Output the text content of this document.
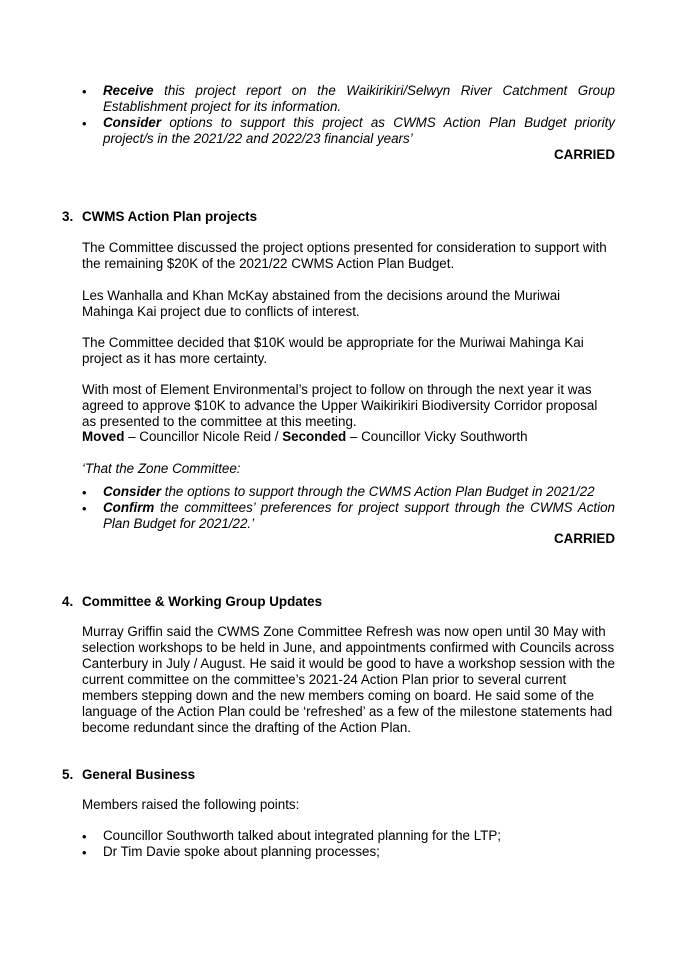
•	Receive this project report on the Waikirikiri/Selwyn River Catchment Group Establishment project for its information.
•	Consider options to support this project as CWMS Action Plan Budget priority project/s in the 2021/22 and 2022/23 financial years’
CARRIED
3. CWMS Action Plan projects

The Committee discussed the project options presented for consideration to support with the remaining $20K of the 2021/22 CWMS Action Plan Budget.

Les Wanhalla and Khan McKay abstained from the decisions around the Muriwai Mahinga Kai project due to conflicts of interest.

The Committee decided that $10K would be appropriate for the Muriwai Mahinga Kai project as it has more certainty.

With most of Element Environmental’s project to follow on through the next year it was agreed to approve $10K to advance the Upper Waikirikiri Biodiversity Corridor proposal as presented to the committee at this meeting.

Moved – Councillor Nicole Reid / Seconded – Councillor Vicky Southworth

‘That the Zone Committee:

•	Consider the options to support through the CWMS Action Plan Budget in 2021/22
•	Confirm the committees’ preferences for project support through the CWMS Action Plan Budget for 2021/22.’
CARRIED
4. Committee & Working Group Updates

Murray Griffin said the CWMS Zone Committee Refresh was now open until 30 May with selection workshops to be held in June, and appointments confirmed with Councils across Canterbury in July / August. He said it would be good to have a workshop session with the current committee on the committee’s 2021-24 Action Plan prior to several current members stepping down and the new members coming on board. He said some of the language of the Action Plan could be ‘refreshed’ as a few of the milestone statements had become redundant since the drafting of the Action Plan.

5. General Business

Members raised the following points:

•	Councillor Southworth talked about integrated planning for the LTP;
•	Dr Tim Davie spoke about planning processes;
